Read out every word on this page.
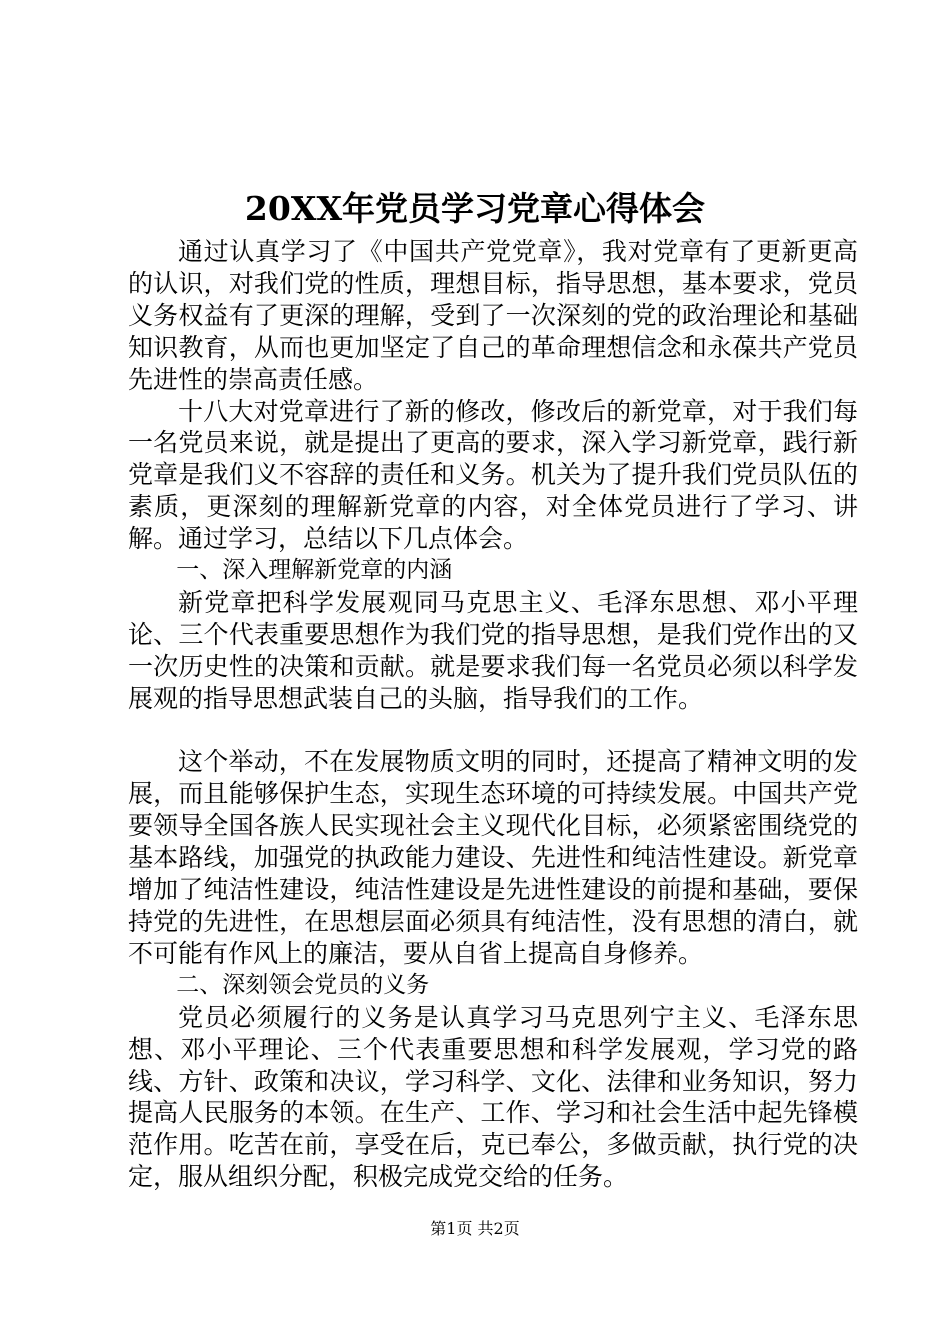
20XX年党员学习党章心得体会

通过认真学习了《中国共产党党章》，我对党章有了更新更高的认识，对我们党的性质，理想目标，指导思想，基本要求，党员义务权益有了更深的理解，受到了一次深刻的党的政治理论和基础知识教育，从而也更加坚定了自己的革命理想信念和永葆共产党员先进性的崇高责任感。

十八大对党章进行了新的修改，修改后的新党章，对于我们每一名党员来说，就是提出了更高的要求，深入学习新党章，践行新党章是我们义不容辞的责任和义务。机关为了提升我们党员队伍的素质，更深刻的理解新党章的内容，对全体党员进行了学习、讲解。通过学习，总结以下几点体会。

一、深入理解新党章的内涵

新党章把科学发展观同马克思主义、毛泽东思想、邓小平理论、三个代表重要思想作为我们党的指导思想，是我们党作出的又一次历史性的决策和贡献。就是要求我们每一名党员必须以科学发展观的指导思想武装自己的头脑，指导我们的工作。

这个举动，不在发展物质文明的同时，还提高了精神文明的发展，而且能够保护生态，实现生态环境的可持续发展。中国共产党要领导全国各族人民实现社会主义现代化目标，必须紧密围绕党的基本路线，加强党的执政能力建设、先进性和纯洁性建设。新党章增加了纯洁性建设，纯洁性建设是先进性建设的前提和基础，要保持党的先进性，在思想层面必须具有纯洁性，没有思想的清白，就不可能有作风上的廉洁，要从自省上提高自身修养。

二、深刻领会党员的义务

党员必须履行的义务是认真学习马克思列宁主义、毛泽东思想、邓小平理论、三个代表重要思想和科学发展观，学习党的路线、方针、政策和决议，学习科学、文化、法律和业务知识，努力提高人民服务的本领。在生产、工作、学习和社会生活中起先锋模范作用。吃苦在前，享受在后，克已奉公，多做贡献，执行党的决定，服从组织分配，积极完成党交给的任务。

第1页 共2页
